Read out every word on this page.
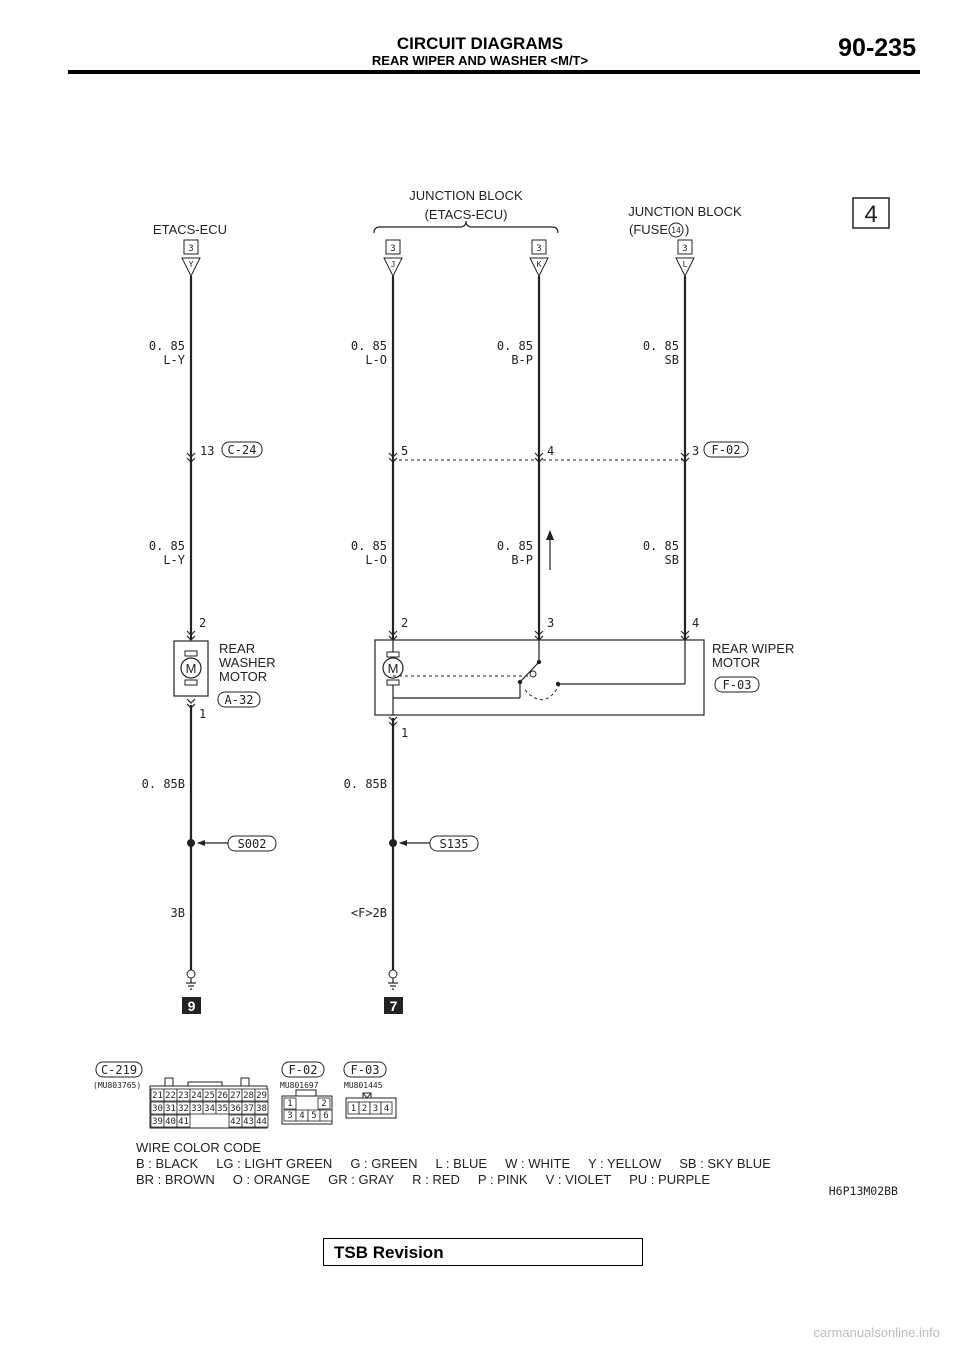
CIRCUIT DIAGRAMS
REAR WIPER AND WASHER <M/T>	90-235
4
ETACS-ECU
JUNCTION BLOCK
(ETACS-ECU)	JUNCTION BLOCK
(FUSE 14 )
3
Y
3
J
3
K
3
L
0. 85
L-Y
0. 85
L-O
0. 85
B-P
0. 85
SB
13 C-24	5	4	3 F-02
0. 85
L-Y
0. 85
L-O
0. 85
B-P
0. 85
SB
2
M
1
REAR
WASHER
MOTOR
A-32
2	3	4
M
1
REAR WIPER
MOTOR
F-03
0. 85B	0. 85B
S002	S135
3B	<F>2B
9	7
C-219
(MU803765)
21 22 23 24 25 26 27 28 29
30 31 32 33 34 35 36 37 38
39 40 41	42 43 44
F-02
MU801697
1	2
3 4 5 6
F-03
MU801445
1 2 3 4
WIRE COLOR CODE
B : BLACK     LG : LIGHT GREEN     G : GREEN     L : BLUE     W : WHITE     Y : YELLOW     SB : SKY BLUE
BR : BROWN     O : ORANGE     GR : GRAY     R : RED     P : PINK     V : VIOLET     PU : PURPLE
H6P13M02BB
TSB Revision
carmanualsonline.info
